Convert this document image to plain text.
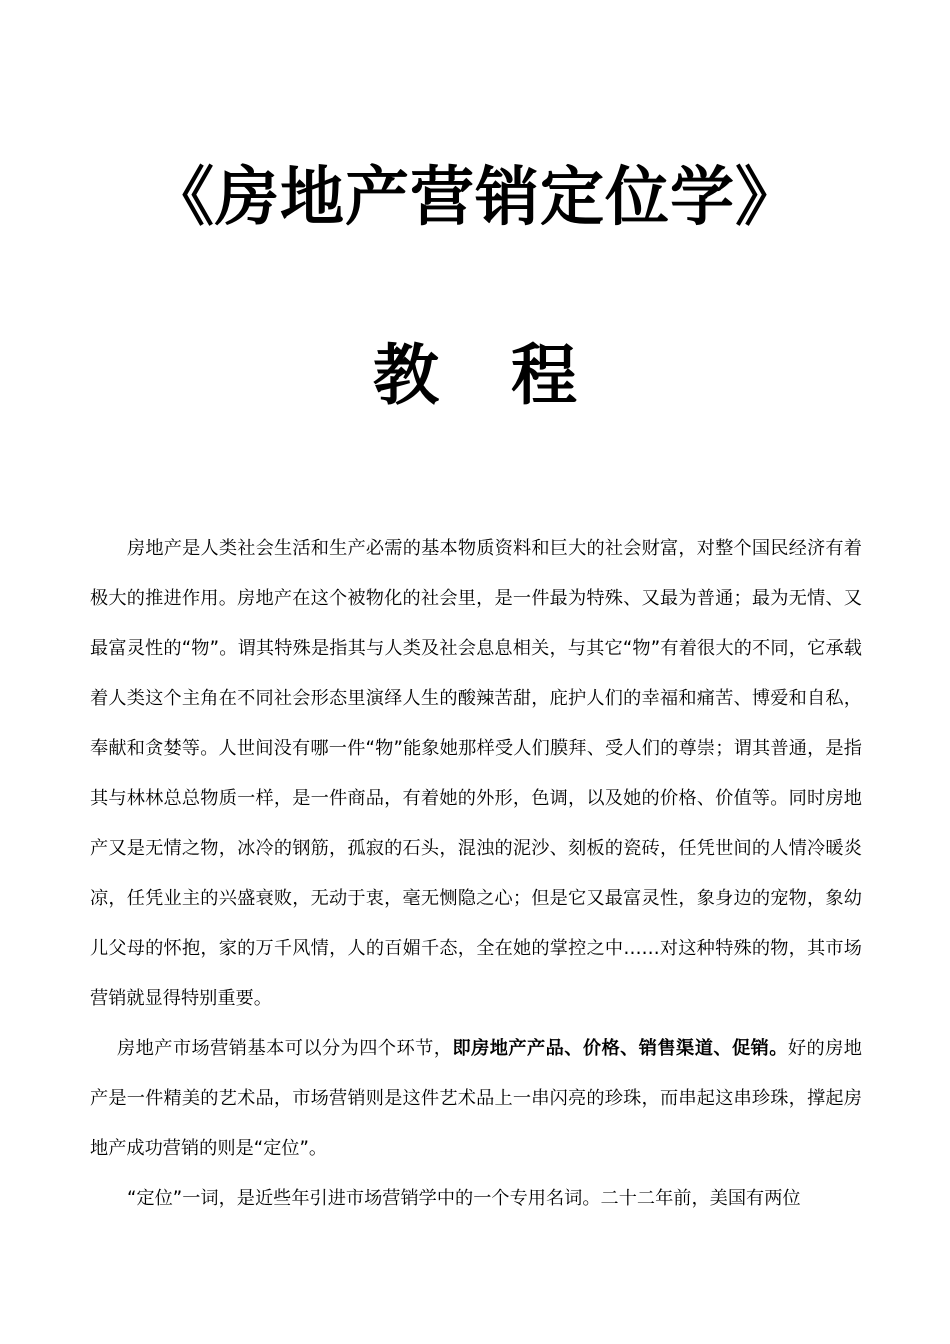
《房地产营销定位学》
教 程

房地产是人类社会生活和生产必需的基本物质资料和巨大的社会财富，对整个国民经济有着极大的推进作用。房地产在这个被物化的社会里，是一件最为特殊、又最为普通；最为无情、又最富灵性的“物”。谓其特殊是指其与人类及社会息息相关，与其它“物”有着很大的不同，它承载着人类这个主角在不同社会形态里演绎人生的酸辣苦甜，庇护人们的幸福和痛苦、博爱和自私，奉献和贪婪等。人世间没有哪一件“物”能象她那样受人们膜拜、受人们的尊崇；谓其普通，是指其与林林总总物质一样，是一件商品，有着她的外形，色调，以及她的价格、价值等。同时房地产又是无情之物，冰冷的钢筋，孤寂的石头，混浊的泥沙、刻板的瓷砖，任凭世间的人情冷暖炎凉，任凭业主的兴盛衰败，无动于衷，毫无恻隐之心；但是它又最富灵性，象身边的宠物，象幼儿父母的怀抱，家的万千风情，人的百媚千态，全在她的掌控之中……对这种特殊的物，其市场营销就显得特别重要。

房地产市场营销基本可以分为四个环节，即房地产产品、价格、销售渠道、促销。好的房地产是一件精美的艺术品，市场营销则是这件艺术品上一串闪亮的珍珠，而串起这串珍珠，撑起房地产成功营销的则是“定位”。

“定位”一词，是近些年引进市场营销学中的一个专用名词。二十二年前，美国有两位
